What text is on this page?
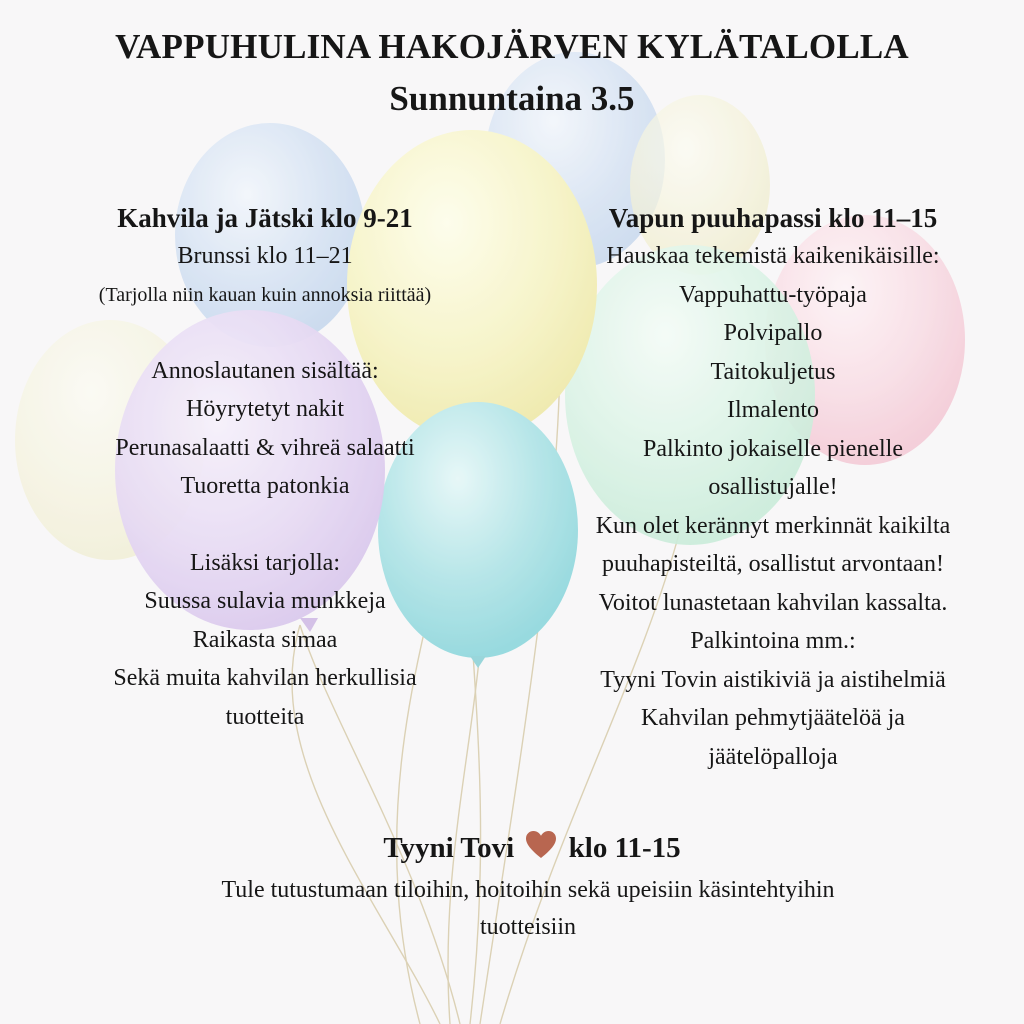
VAPPUHULINA HAKOJÄRVEN KYLÄTALOLLA
Sunnuntaina 3.5
Kahvila ja Jätski klo 9-21
Brunssi klo 11–21
(Tarjolla niin kauan kuin annoksia riittää)
Annoslautanen sisältää:
Höyrytetyt nakit
Perunasalaatti & vihreä salaatti
Tuoretta patonkia
Lisäksi tarjolla:
Suussa sulavia munkkeja
Raikasta simaa
Sekä muita kahvilan herkullisia
tuotteita
Vapun puuhapassi klo 11–15
Hauskaa tekemistä kaikenikäisille:
Vappuhattu-työpaja
Polvipallo
Taitokuljetus
Ilmalento
Palkinto jokaiselle pienelle
osallistujalle!
Kun olet kerännyt merkinnät kaikilta
puuhapisteiltä, osallistut arvontaan!
Voitot lunastetaan kahvilan kassalta.
Palkintoina mm.:
Tyyni Tovin aistikiviä ja aistihelmiä
Kahvilan pehmytjäätelöä ja
jäätelöpalloja
Tyyni Tovi klo 11-15
Tule tutustumaan tiloihin, hoitoihin sekä upeisiin käsintehtyihin
tuotteisiin
